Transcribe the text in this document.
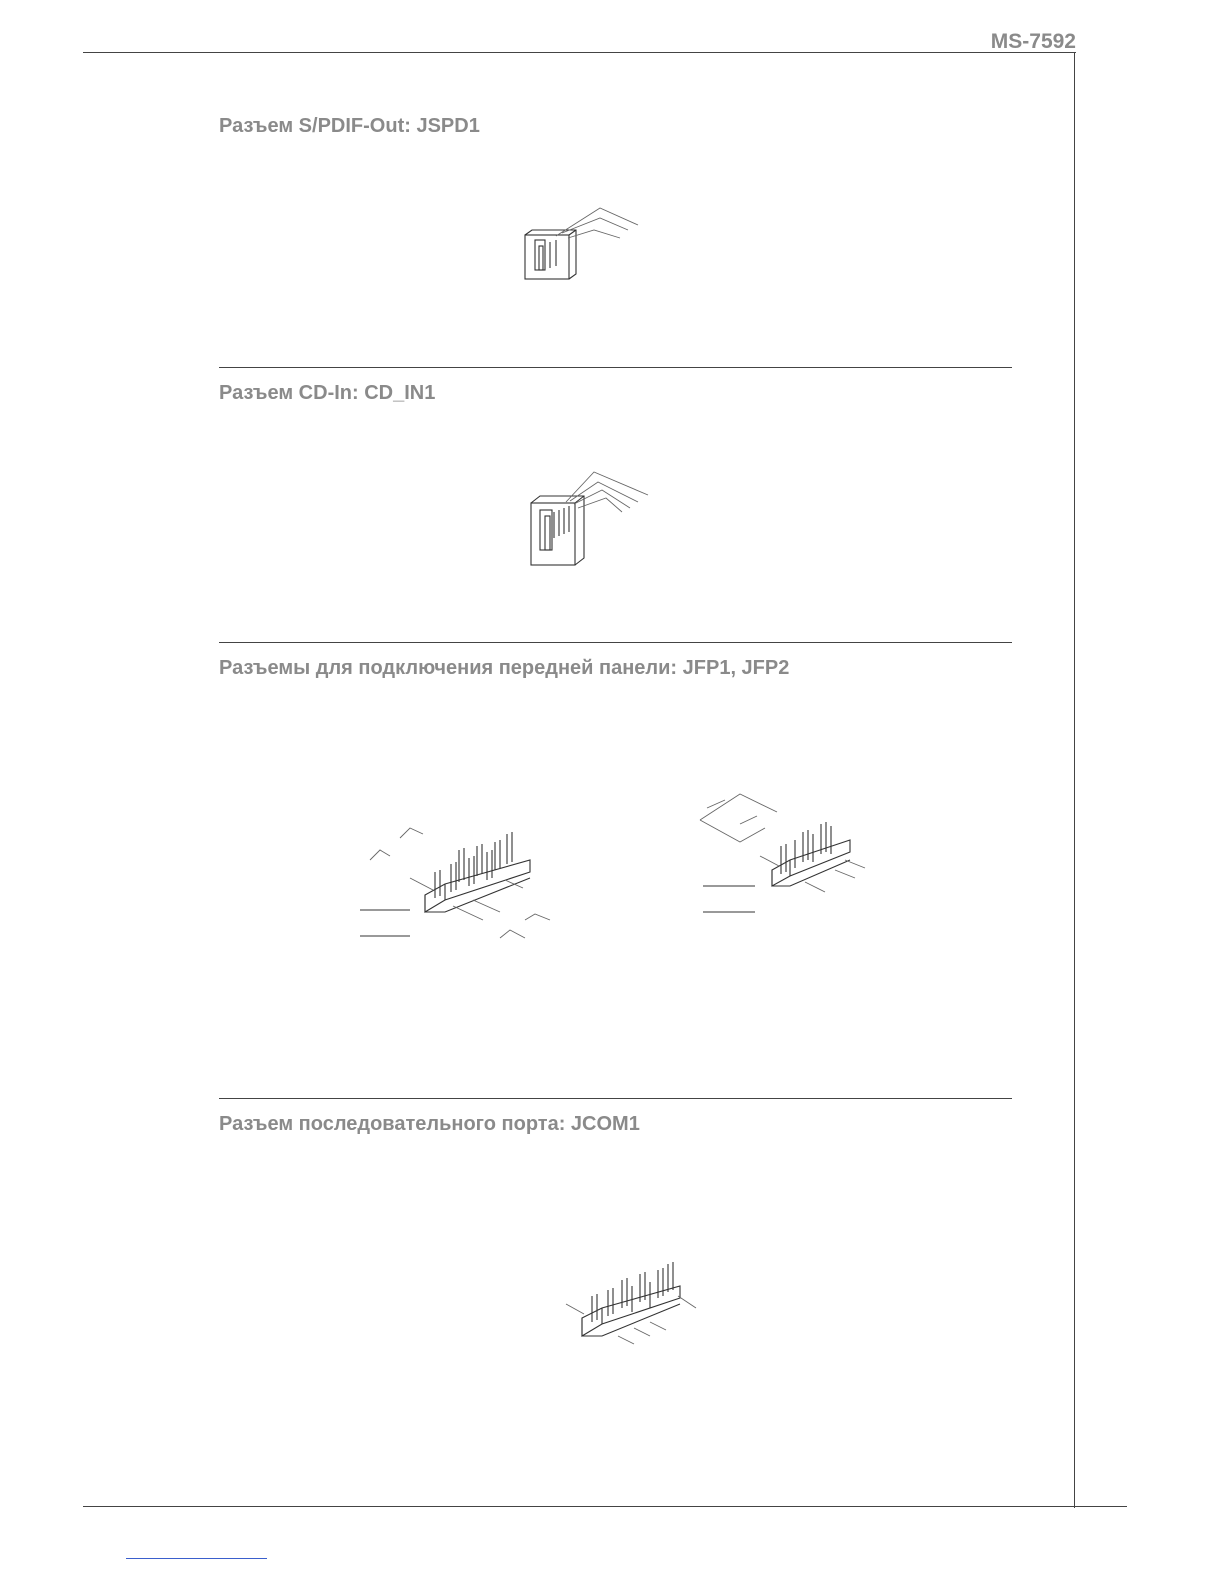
MS-7592
Разъем S/PDIF-Out: JSPD1
Разъем CD-In: CD_IN1
Разъемы для подключения передней панели: JFP1, JFP2
Разъем последовательного порта: JCOM1
